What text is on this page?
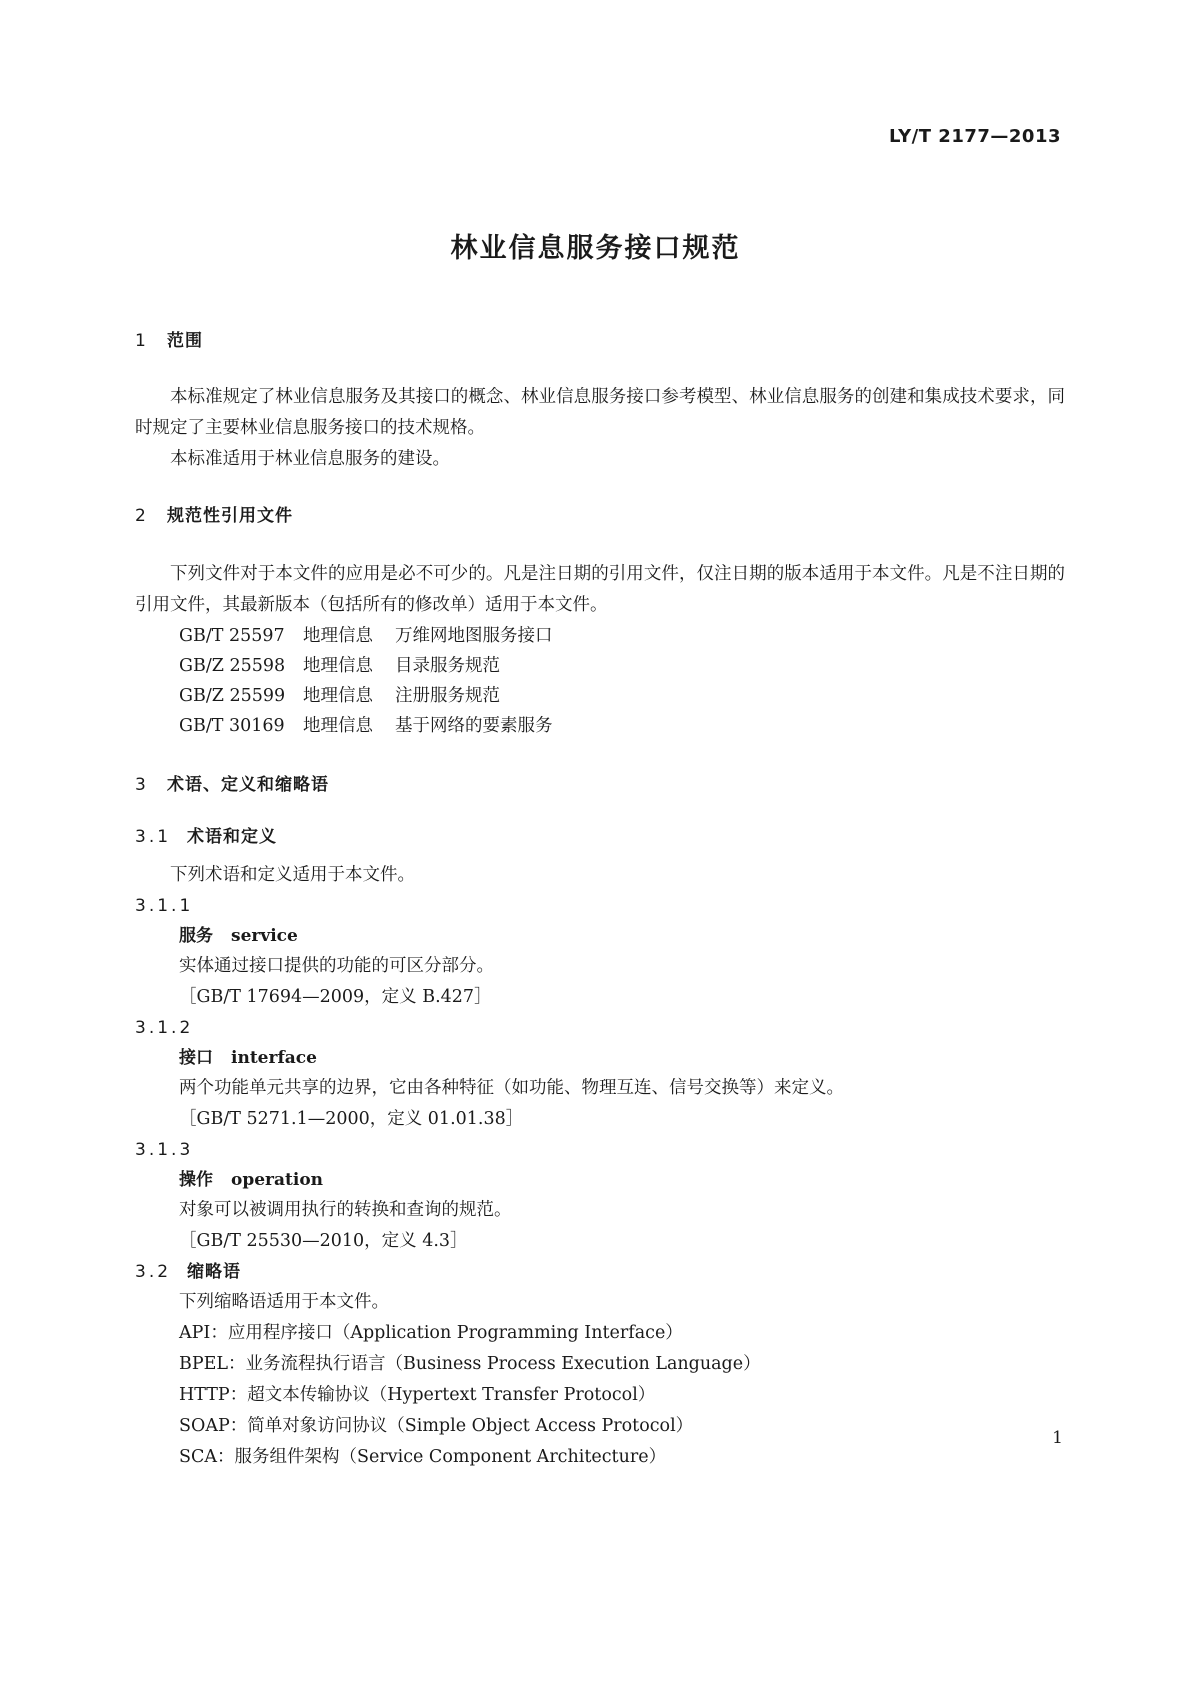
LY/T 2177—2013
林业信息服务接口规范
1 范围

本标准规定了林业信息服务及其接口的概念、林业信息服务接口参考模型、林业信息服务的创建和集成技术要求，同时规定了主要林业信息服务接口的技术规格。

本标准适用于林业信息服务的建设。

2 规范性引用文件

下列文件对于本文件的应用是必不可少的。凡是注日期的引用文件，仅注日期的版本适用于本文件。凡是不注日期的引用文件，其最新版本（包括所有的修改单）适用于本文件。

GB/T 25597 地理信息 万维网地图服务接口
GB/Z 25598 地理信息 目录服务规范
GB/Z 25599 地理信息 注册服务规范
GB/T 30169 地理信息 基于网络的要素服务
3 术语、定义和缩略语
3.1 术语和定义

下列术语和定义适用于本文件。

3.1.1
服务 service

实体通过接口提供的功能的可区分部分。

［GB/T 17694—2009，定义 B.427］

3.1.2
接口 interface

两个功能单元共享的边界，它由各种特征（如功能、物理互连、信号交换等）来定义。

［GB/T 5271.1—2000，定义 01.01.38］

3.1.3
操作 operation

对象可以被调用执行的转换和查询的规范。

［GB/T 25530—2010，定义 4.3］

3.2 缩略语

下列缩略语适用于本文件。

API：应用程序接口（Application Programming Interface）

BPEL：业务流程执行语言（Business Process Execution Language）

HTTP：超文本传输协议（Hypertext Transfer Protocol）

SOAP：简单对象访问协议（Simple Object Access Protocol）

SCA：服务组件架构（Service Component Architecture）

1
